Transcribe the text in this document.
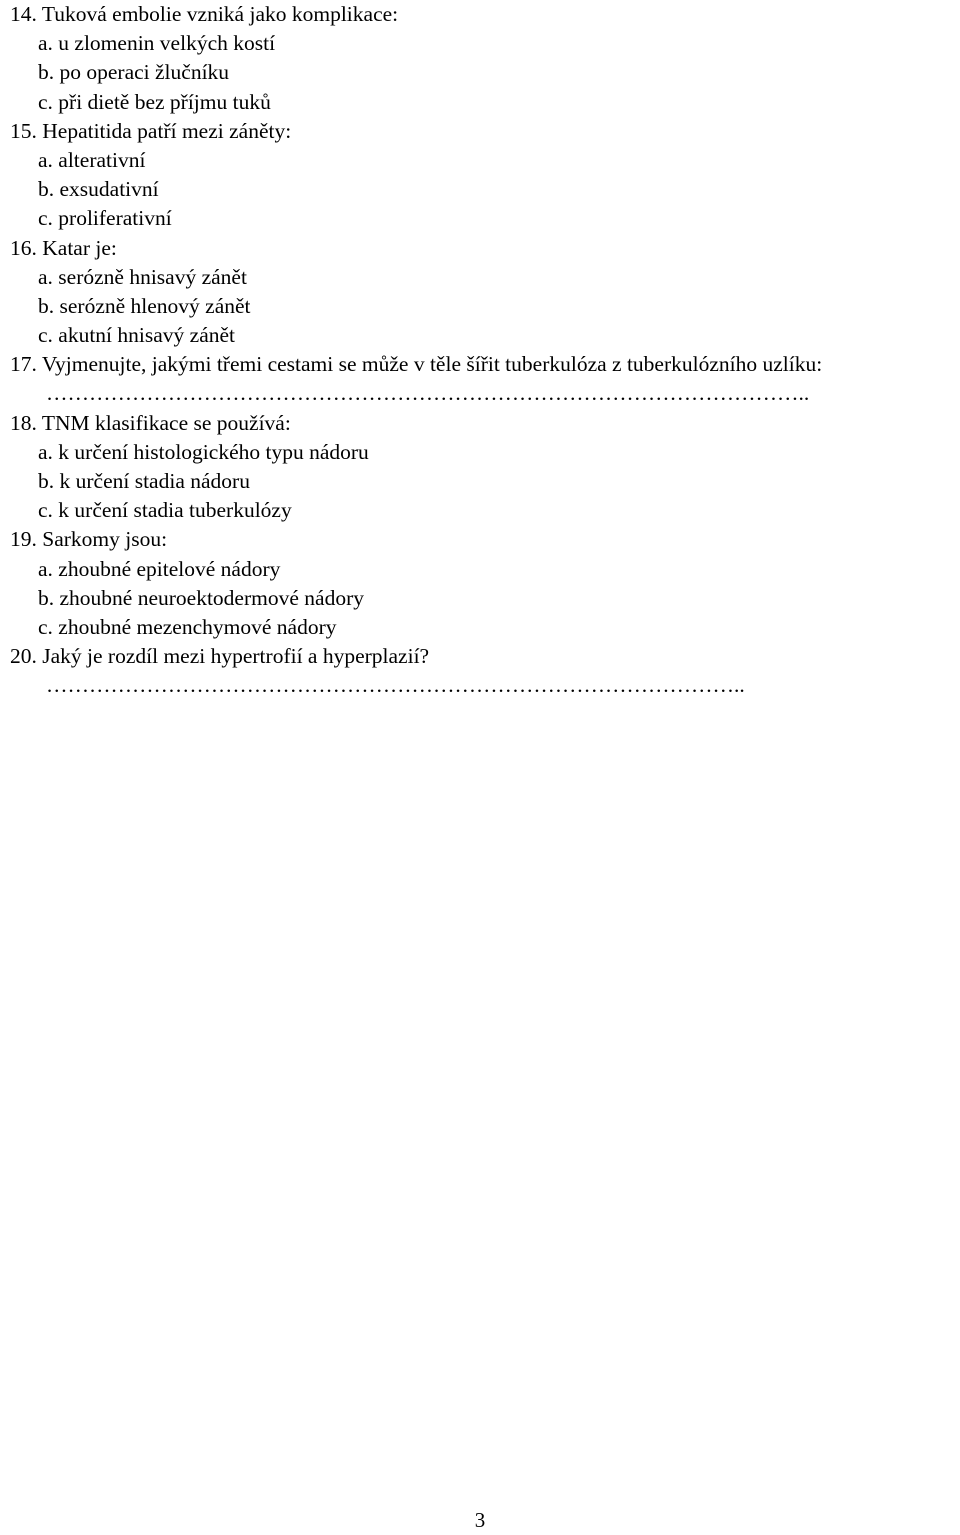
14. Tuková embolie vzniká jako komplikace:
a. u zlomenin velkých kostí
b. po operaci žlučníku
c. při dietě bez příjmu tuků
15. Hepatitida patří mezi záněty:
a. alterativní
b. exsudativní
c. proliferativní
16. Katar je:
a. serózně hnisavý zánět
b. serózně hlenový zánět
c. akutní hnisavý zánět
17. Vyjmenujte, jakými třemi cestami se může v těle šířit tuberkulóza z tuberkulózního uzlíku:
……………………………………………………………………………………………..
18. TNM klasifikace se používá:
a. k určení histologického typu nádoru
b. k určení stadia nádoru
c. k určení stadia tuberkulózy
19. Sarkomy jsou:
a. zhoubné epitelové nádory
b. zhoubné neuroektodermové nádory
c. zhoubné mezenchymové nádory
20. Jaký je rozdíl mezi hypertrofií a hyperplazií?
……………………………………………………………………………………..
3
